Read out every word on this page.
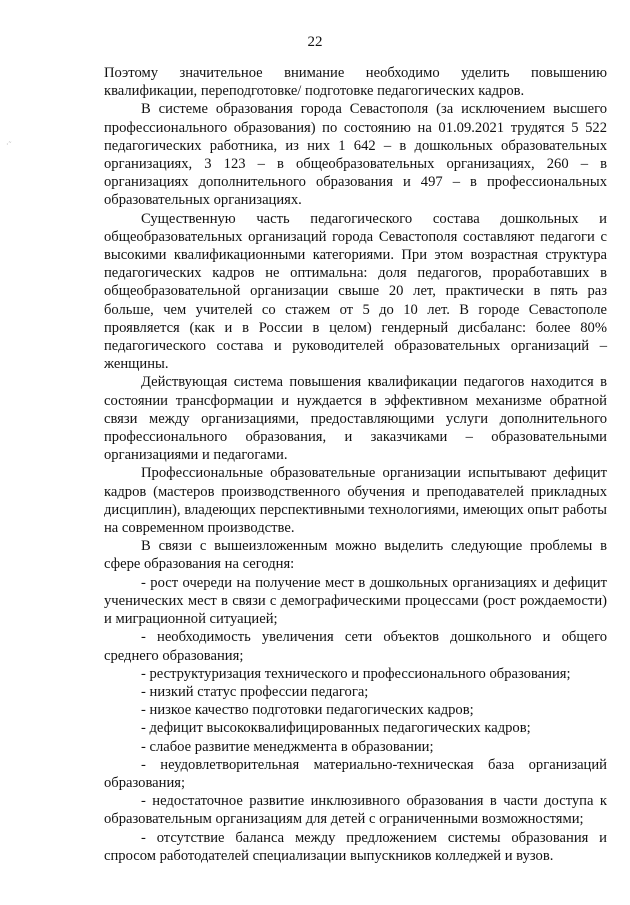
·˜
22

Поэтому значительное внимание необходимо уделить повышению квалификации, переподготовке/ подготовке педагогических кадров.

В системе образования города Севастополя (за исключением высшего профессионального образования) по состоянию на 01.09.2021 трудятся 5 522 педагогических работника, из них 1 642 – в дошкольных образовательных организациях, 3 123 – в общеобразовательных организациях, 260 – в организациях дополнительного образования и 497 – в профессиональных образовательных организациях.

Существенную часть педагогического состава дошкольных и общеобразовательных организаций города Севастополя составляют педагоги с высокими квалификационными категориями. При этом возрастная структура педагогических кадров не оптимальна: доля педагогов, проработавших в общеобразовательной организации свыше 20 лет, практически в пять раз больше, чем учителей со стажем от 5 до 10 лет. В городе Севастополе проявляется (как и в России в целом) гендерный дисбаланс: более 80% педагогического состава и руководителей образовательных организаций – женщины.

Действующая система повышения квалификации педагогов находится в состоянии трансформации и нуждается в эффективном механизме обратной связи между организациями, предоставляющими услуги дополнительного профессионального образования, и заказчиками – образовательными организациями и педагогами.

Профессиональные образовательные организации испытывают дефицит кадров (мастеров производственного обучения и преподавателей прикладных дисциплин), владеющих перспективными технологиями, имеющих опыт работы на современном производстве.

В связи с вышеизложенным можно выделить следующие проблемы в сфере образования на сегодня:

- рост очереди на получение мест в дошкольных организациях и дефицит ученических мест в связи с демографическими процессами (рост рождаемости) и миграционной ситуацией;

- необходимость увеличения сети объектов дошкольного и общего среднего образования;

- реструктуризация технического и профессионального образования;

- низкий статус профессии педагога;

- низкое качество подготовки педагогических кадров;

- дефицит высококвалифицированных педагогических кадров;

- слабое развитие менеджмента в образовании;

- неудовлетворительная материально-техническая база организаций образования;

- недостаточное развитие инклюзивного образования в части доступа к образовательным организациям для детей с ограниченными возможностями;

- отсутствие баланса между предложением системы образования и спросом работодателей специализации выпускников колледжей и вузов.
